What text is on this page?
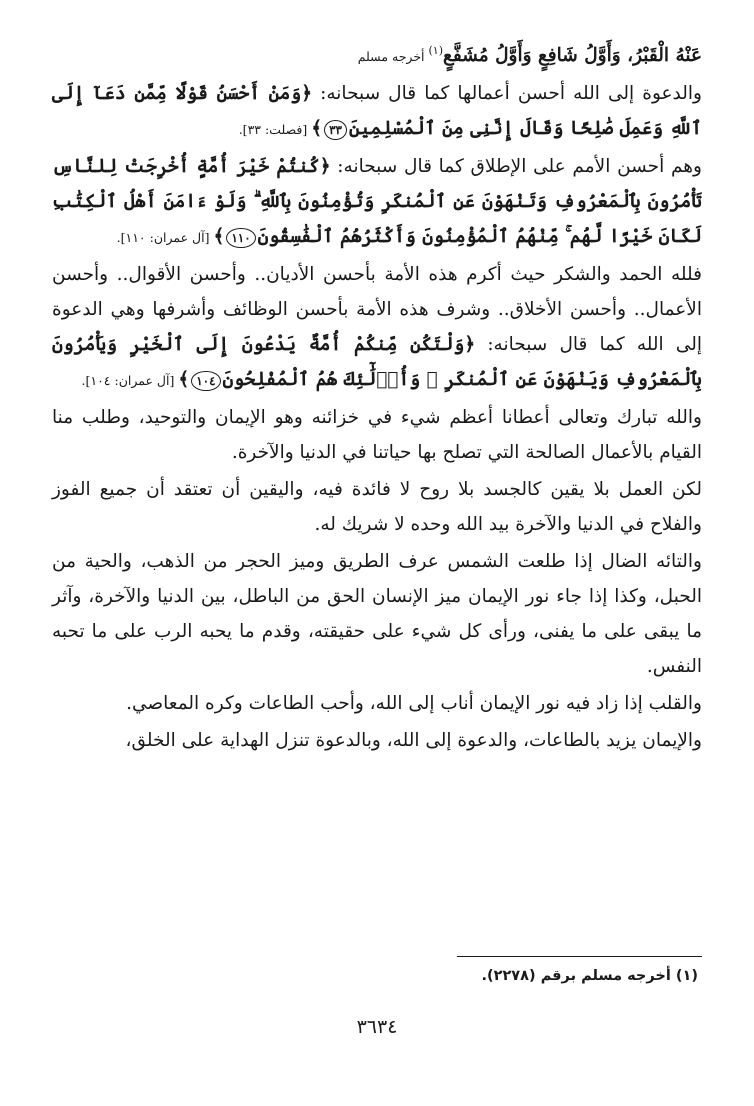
عَنْهُ الْقَبْرُ، وَأَوَّلُ شَافِعٍ وَأَوَّلُ مُشَفَّعٍ$^{(١)}$ أخرجه مسلم

والدعوة إلى الله أحسن أعمالها كما قال سبحانه: ﴿وَمَنْ أَحْسَنُ قَوْلًا مِّمَّن دَعَآ إِلَى ٱللَّهِ وَعَمِلَ صَٰلِحًا وَقَالَ إِنَّنِى مِنَ ٱلْمُسْلِمِينَ٣٣﴾ [فصلت: ٣٣].

وهم أحسن الأمم على الإطلاق كما قال سبحانه: ﴿كُنتُمْ خَيْرَ أُمَّةٍ أُخْرِجَتْ لِلنَّاسِ تَأْمُرُونَ بِٱلْمَعْرُوفِ وَتَنْهَوْنَ عَنِ ٱلْمُنكَرِ وَتُؤْمِنُونَ بِٱللَّهِ ۗ وَلَوْ ءَامَنَ أَهْلُ ٱلْكِتَٰبِ لَكَانَ خَيْرًا لَّهُم ۚ مِّنْهُمُ ٱلْمُؤْمِنُونَ وَأَكْثَرُهُمُ ٱلْفَٰسِقُونَ١١٠﴾ [آل عمران: ١١٠].

فلله الحمد والشكر حيث أكرم هذه الأمة بأحسن الأديان.. وأحسن الأقوال.. وأحسن الأعمال.. وأحسن الأخلاق.. وشرف هذه الأمة بأحسن الوظائف وأشرفها وهي الدعوة إلى الله كما قال سبحانه: ﴿وَلْتَكُن مِّنكُمْ أُمَّةٌ يَدْعُونَ إِلَى ٱلْخَيْرِ وَيَأْمُرُونَ بِٱلْمَعْرُوفِ وَيَنْهَوْنَ عَنِ ٱلْمُنكَرِ ۚ وَأُو۟لَٰٓئِكَ هُمُ ٱلْمُفْلِحُونَ١٠٤﴾ [آل عمران: ١٠٤].

والله تبارك وتعالى أعطانا أعظم شيء في خزائنه وهو الإيمان والتوحيد، وطلب منا القيام بالأعمال الصالحة التي تصلح بها حياتنا في الدنيا والآخرة.

لكن العمل بلا يقين كالجسد بلا روح لا فائدة فيه، واليقين أن تعتقد أن جميع الفوز والفلاح في الدنيا والآخرة بيد الله وحده لا شريك له.

والتائه الضال إذا طلعت الشمس عرف الطريق وميز الحجر من الذهب، والحية من الحبل، وكذا إذا جاء نور الإيمان ميز الإنسان الحق من الباطل، بين الدنيا والآخرة، وآثر ما يبقى على ما يفنى، ورأى كل شيء على حقيقته، وقدم ما يحبه الرب على ما تحبه النفس.

والقلب إذا زاد فيه نور الإيمان أناب إلى الله، وأحب الطاعات وكره المعاصي.

والإيمان يزيد بالطاعات، والدعوة إلى الله، وبالدعوة تنزل الهداية على الخلق،

(١) أخرجه مسلم برقم (٢٢٧٨).
٣٦٣٤
